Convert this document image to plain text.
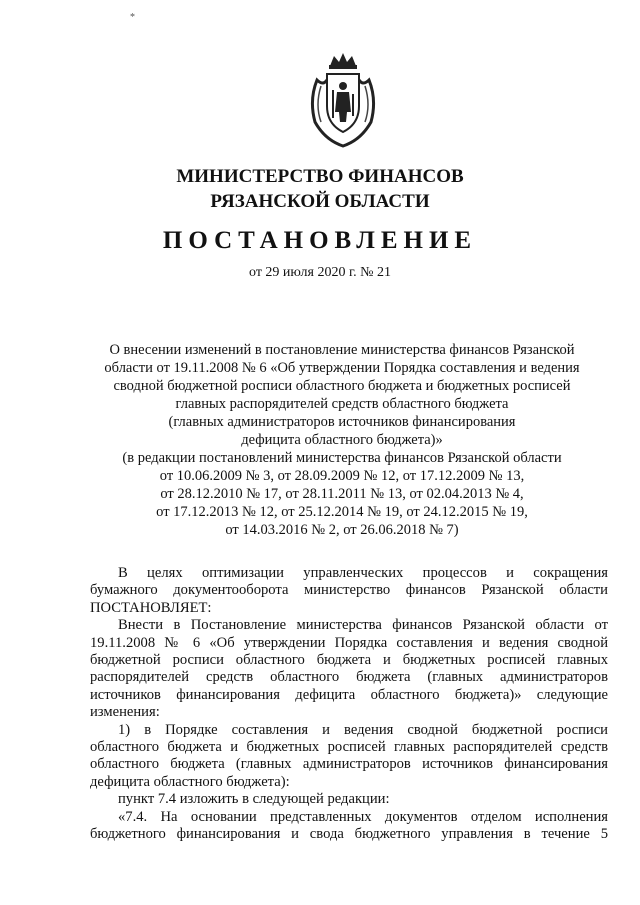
*
МИНИСТЕРСТВО ФИНАНСОВ
РЯЗАНСКОЙ ОБЛАСТИ
ПОСТАНОВЛЕНИЕ
от 29 июля 2020 г. № 21
О внесении изменений в постановление министерства финансов Рязанской
области от 19.11.2008 № 6 «Об утверждении Порядка составления и ведения
сводной бюджетной росписи областного бюджета и бюджетных росписей
главных распорядителей средств областного бюджета
(главных администраторов источников финансирования
дефицита областного бюджета)»
(в редакции постановлений министерства финансов Рязанской области
от 10.06.2009 № 3, от 28.09.2009 № 12, от 17.12.2009 № 13,
от 28.12.2010 № 17, от 28.11.2011 № 13, от 02.04.2013 № 4,
от 17.12.2013 № 12, от 25.12.2014 № 19, от 24.12.2015 № 19,
от 14.03.2016 № 2, от 26.06.2018 № 7)

В целях оптимизации управленческих процессов и сокращения

бумажного документооборота министерство финансов Рязанской области

ПОСТАНОВЛЯЕТ:

Внести в Постановление министерства финансов Рязанской области от

19.11.2008 № 6 «Об утверждении Порядка составления и ведения сводной

бюджетной росписи областного бюджета и бюджетных росписей главных

распорядителей средств областного бюджета (главных администраторов

источников финансирования дефицита областного бюджета)» следующие

изменения:

1) в Порядке составления и ведения сводной бюджетной росписи

областного бюджета и бюджетных росписей главных распорядителей средств

областного бюджета (главных администраторов источников финансирования

дефицита областного бюджета):

пункт 7.4 изложить в следующей редакции:

«7.4. На основании представленных документов отделом исполнения

бюджетного финансирования и свода бюджетного управления в течение 5
